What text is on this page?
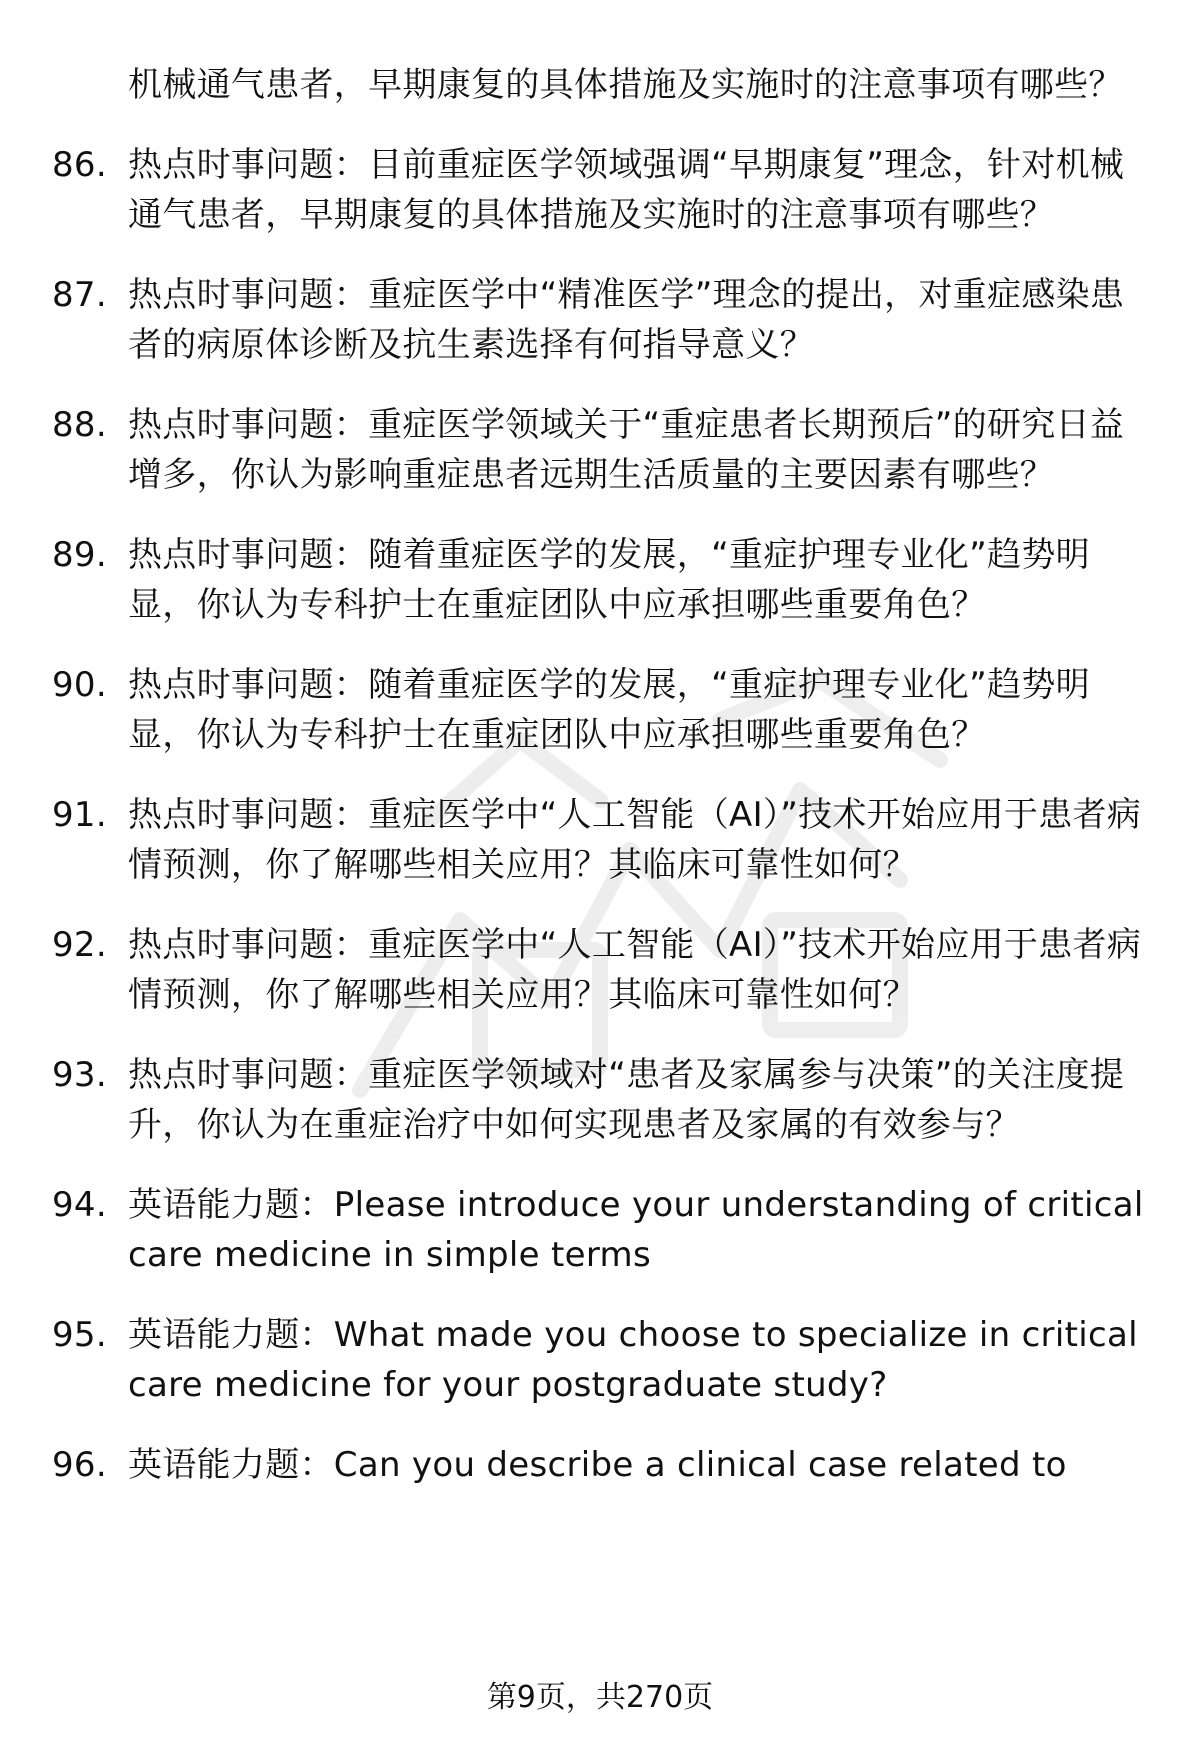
机械通气患者，早期康复的具体措施及实施时的注意事项有哪些？
86. 热点时事问题：目前重症医学领域强调“早期康复”理念，针对机械通气患者，早期康复的具体措施及实施时的注意事项有哪些？
87. 热点时事问题：重症医学中“精准医学”理念的提出，对重症感染患者的病原体诊断及抗生素选择有何指导意义？
88. 热点时事问题：重症医学领域关于“重症患者长期预后”的研究日益增多，你认为影响重症患者远期生活质量的主要因素有哪些？
89. 热点时事问题：随着重症医学的发展，“重症护理专业化”趋势明显，你认为专科护士在重症团队中应承担哪些重要角色？
90. 热点时事问题：随着重症医学的发展，“重症护理专业化”趋势明显，你认为专科护士在重症团队中应承担哪些重要角色？
91. 热点时事问题：重症医学中“人工智能（AI）”技术开始应用于患者病情预测，你了解哪些相关应用？其临床可靠性如何？
92. 热点时事问题：重症医学中“人工智能（AI）”技术开始应用于患者病情预测，你了解哪些相关应用？其临床可靠性如何？
93. 热点时事问题：重症医学领域对“患者及家属参与决策”的关注度提升，你认为在重症治疗中如何实现患者及家属的有效参与？
94. 英语能力题：Please introduce your understanding of critical care medicine in simple terms
95. 英语能力题：What made you choose to specialize in critical care medicine for your postgraduate study?
96. 英语能力题：Can you describe a clinical case related to
第9页，共270页
